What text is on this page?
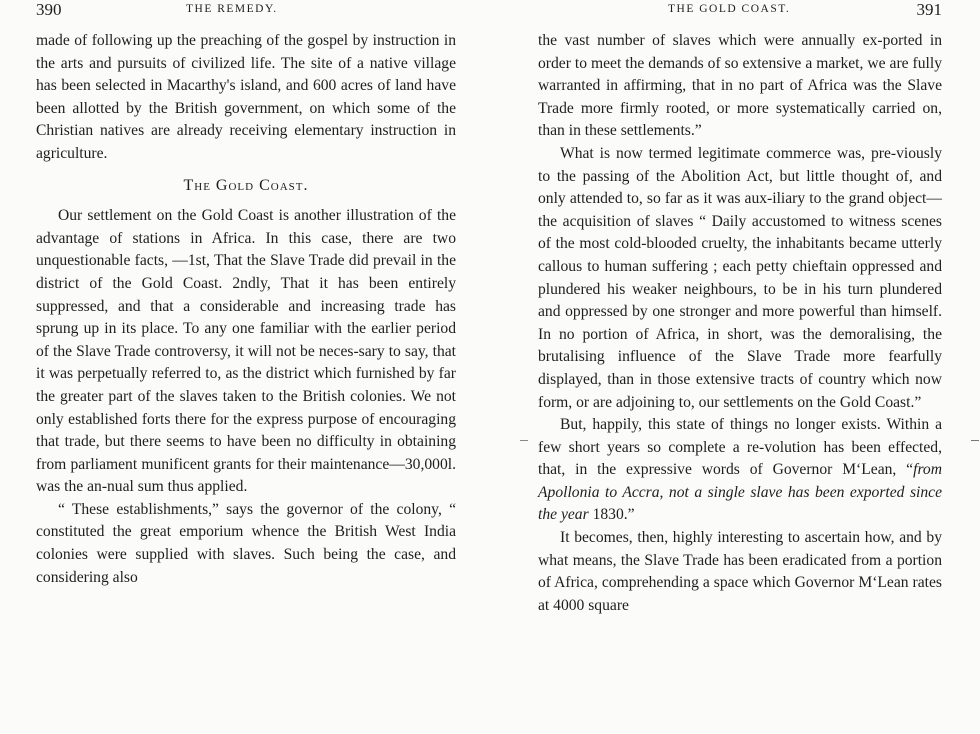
390	THE REMEDY.

made of following up the preaching of the gospel by instruction in the arts and pursuits of civilized life. The site of a native village has been selected in Macarthy's island, and 600 acres of land have been allotted by the British government, on which some of the Christian natives are already receiving elementary instruction in agriculture.

The Gold Coast.

Our settlement on the Gold Coast is another illustration of the advantage of stations in Africa. In this case, there are two unquestionable facts, —1st, That the Slave Trade did prevail in the district of the Gold Coast. 2ndly, That it has been entirely suppressed, and that a considerable and increasing trade has sprung up in its place. To any one familiar with the earlier period of the Slave Trade controversy, it will not be neces-sary to say, that it was perpetually referred to, as the district which furnished by far the greater part of the slaves taken to the British colonies. We not only established forts there for the express purpose of encouraging that trade, but there seems to have been no difficulty in obtaining from parliament munificent grants for their maintenance—30,000l. was the an-nual sum thus applied.

“ These establishments,” says the governor of the colony, “ constituted the great emporium whence the British West India colonies were supplied with slaves. Such being the case, and considering also

THE GOLD COAST.	391

the vast number of slaves which were annually ex-ported in order to meet the demands of so extensive a market, we are fully warranted in affirming, that in no part of Africa was the Slave Trade more firmly rooted, or more systematically carried on, than in these settlements.”

What is now termed legitimate commerce was, pre-viously to the passing of the Abolition Act, but little thought of, and only attended to, so far as it was aux-iliary to the grand object—the acquisition of slaves “ Daily accustomed to witness scenes of the most cold-blooded cruelty, the inhabitants became utterly callous to human suffering ; each petty chieftain oppressed and plundered his weaker neighbours, to be in his turn plundered and oppressed by one stronger and more powerful than himself. In no portion of Africa, in short, was the demoralising, the brutalising influence of the Slave Trade more fearfully displayed, than in those extensive tracts of country which now form, or are adjoining to, our settlements on the Gold Coast.”

But, happily, this state of things no longer exists. Within a few short years so complete a re-volution has been effected, that, in the expressive words of Governor M‘Lean, “from Apollonia to Accra, not a single slave has been exported since the year 1830.”

It becomes, then, highly interesting to ascertain how, and by what means, the Slave Trade has been eradicated from a portion of Africa, comprehending a space which Governor M‘Lean rates at 4000 square
